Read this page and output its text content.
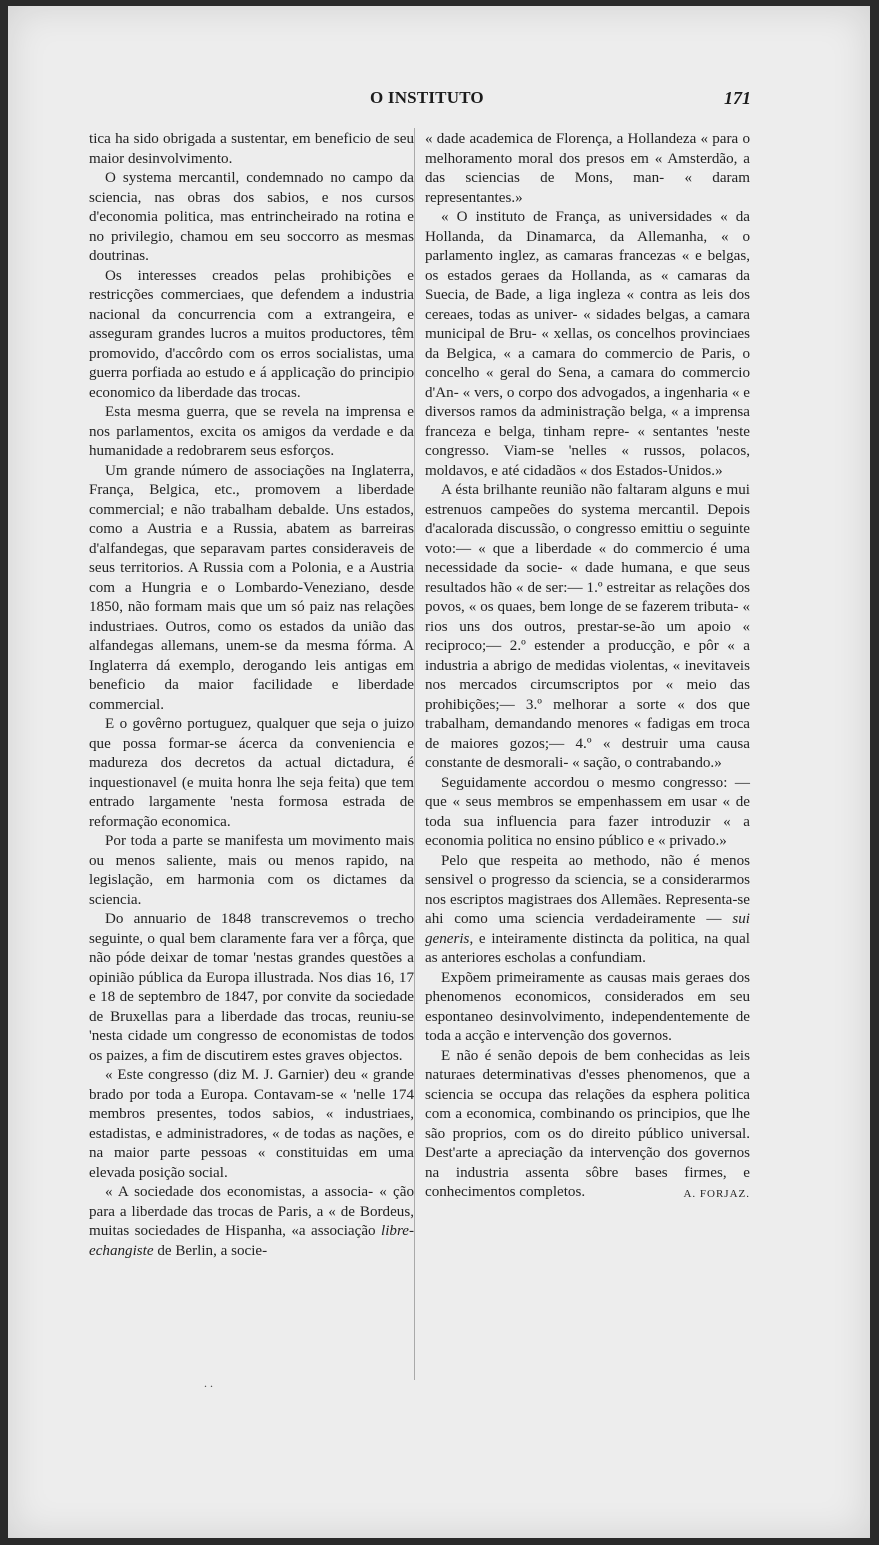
O INSTITUTO	171

tica ha sido obrigada a sustentar, em beneficio de seu maior desinvolvimento.

O systema mercantil, condemnado no campo da sciencia, nas obras dos sabios, e nos cursos d'economia politica, mas entrincheirado na rotina e no privilegio, chamou em seu soccorro as mesmas doutrinas.

Os interesses creados pelas prohibições e restricções commerciaes, que defendem a industria nacional da concurrencia com a extrangeira, e asseguram grandes lucros a muitos productores, têm promovido, d'accôrdo com os erros socialistas, uma guerra porfiada ao estudo e á applicação do principio economico da liberdade das trocas.

Esta mesma guerra, que se revela na imprensa e nos parlamentos, excita os amigos da verdade e da humanidade a redobrarem seus esforços.

Um grande número de associações na Inglaterra, França, Belgica, etc., promovem a liberdade commercial; e não trabalham debalde. Uns estados, como a Austria e a Russia, abatem as barreiras d'alfandegas, que separavam partes consideraveis de seus territorios. A Russia com a Polonia, e a Austria com a Hungria e o Lombardo-Veneziano, desde 1850, não formam mais que um só paiz nas relações industriaes. Outros, como os estados da união das alfandegas allemans, unem-se da mesma fórma. A Inglaterra dá exemplo, derogando leis antigas em beneficio da maior facilidade e liberdade commercial.

E o govêrno portuguez, qualquer que seja o juizo que possa formar-se ácerca da conveniencia e madureza dos decretos da actual dictadura, é inquestionavel (e muita honra lhe seja feita) que tem entrado largamente 'nesta formosa estrada de reformação economica.

Por toda a parte se manifesta um movimento mais ou menos saliente, mais ou menos rapido, na legislação, em harmonia com os dictames da sciencia.

Do annuario de 1848 transcrevemos o trecho seguinte, o qual bem claramente fara ver a fôrça, que não póde deixar de tomar 'nestas grandes questões a opinião pública da Europa illustrada. Nos dias 16, 17 e 18 de septembro de 1847, por convite da sociedade de Bruxellas para a liberdade das trocas, reuniu-se 'nesta cidade um congresso de economistas de todos os paizes, a fim de discutirem estes graves objectos.

« Este congresso (diz M. J. Garnier) deu « grande brado por toda a Europa. Contavam-se « 'nelle 174 membros presentes, todos sabios, « industriaes, estadistas, e administradores, « de todas as nações, e na maior parte pessoas « constituidas em uma elevada posição social.

« A sociedade dos economistas, a associa- « ção para a liberdade das trocas de Paris, a « de Bordeus, muitas sociedades de Hispanha, «a associação libre-echangiste de Berlin, a socie-

« dade academica de Florença, a Hollandeza « para o melhoramento moral dos presos em « Amsterdão, a das sciencias de Mons, man- « daram representantes.»

« O instituto de França, as universidades « da Hollanda, da Dinamarca, da Allemanha, « o parlamento inglez, as camaras francezas « e belgas, os estados geraes da Hollanda, as « camaras da Suecia, de Bade, a liga ingleza « contra as leis dos cereaes, todas as univer- « sidades belgas, a camara municipal de Bru- « xellas, os concelhos provinciaes da Belgica, « a camara do commercio de Paris, o concelho « geral do Sena, a camara do commercio d'An- « vers, o corpo dos advogados, a ingenharia « e diversos ramos da administração belga, « a imprensa franceza e belga, tinham repre- « sentantes 'neste congresso. Viam-se 'nelles « russos, polacos, moldavos, e até cidadãos « dos Estados-Unidos.»

A ésta brilhante reunião não faltaram alguns e mui estrenuos campeões do systema mercantil. Depois d'acalorada discussão, o congresso emittiu o seguinte voto:— « que a liberdade « do commercio é uma necessidade da socie- « dade humana, e que seus resultados hão « de ser:— 1.º estreitar as relações dos povos, « os quaes, bem longe de se fazerem tributa- « rios uns dos outros, prestar-se-ão um apoio « reciproco;— 2.º estender a producção, e pôr « a industria a abrigo de medidas violentas, « inevitaveis nos mercados circumscriptos por « meio das prohibições;— 3.º melhorar a sorte « dos que trabalham, demandando menores « fadigas em troca de maiores gozos;— 4.º « destruir uma causa constante de desmorali- « sação, o contrabando.»

Seguidamente accordou o mesmo congresso: —que « seus membros se empenhassem em usar « de toda sua influencia para fazer introduzir « a economia politica no ensino público e « privado.»

Pelo que respeita ao methodo, não é menos sensivel o progresso da sciencia, se a considerarmos nos escriptos magistraes dos Allemães. Representa-se ahi como uma sciencia verdadeiramente — sui generis, e inteiramente distincta da politica, na qual as anteriores escholas a confundiam.

Expõem primeiramente as causas mais geraes dos phenomenos economicos, considerados em seu espontaneo desinvolvimento, independentemente de toda a acção e intervenção dos governos.

E não é senão depois de bem conhecidas as leis naturaes determinativas d'esses phenomenos, que a sciencia se occupa das relações da esphera politica com a economica, combinando os principios, que lhe são proprios, com os do direito público universal. Dest'arte a apreciação da intervenção dos governos na industria assenta sôbre bases firmes, e conhecimentos completos.	A. FORJAZ.

. .
